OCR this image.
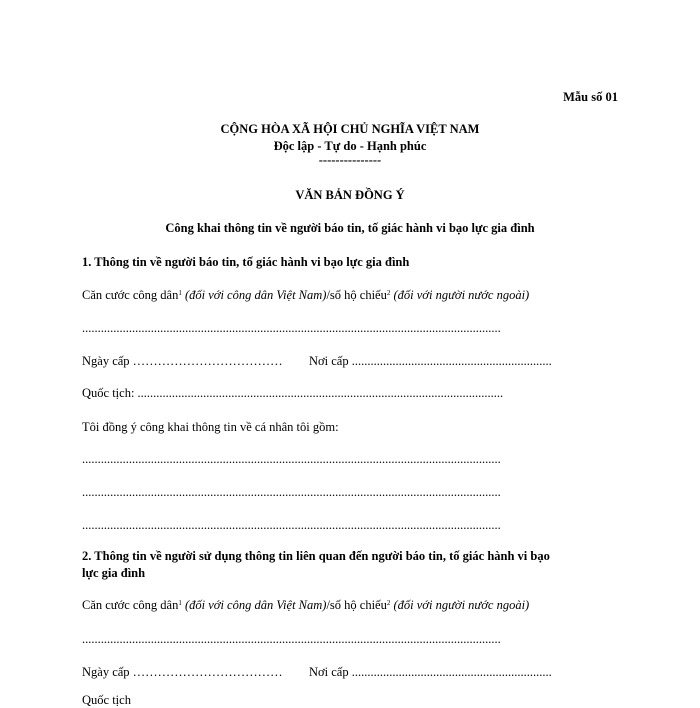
Mẫu số 01
CỘNG HÒA XÃ HỘI CHỦ NGHĨA VIỆT NAM
Độc lập - Tự do - Hạnh phúc
---------------
VĂN BẢN ĐỒNG Ý
Công khai thông tin về người báo tin, tố giác hành vi bạo lực gia đình
1. Thông tin về người báo tin, tố giác hành vi bạo lực gia đình
Căn cước công dân$^1$ (đối với công dân Việt Nam)/số hộ chiếu$^2$ (đối với người nước ngoài)
......................................................................................................................................
Ngày cấp ……………………………… Nơi cấp ................................................................
Quốc tịch: .....................................................................................................................
Tôi đồng ý công khai thông tin về cá nhân tôi gồm:
......................................................................................................................................
......................................................................................................................................
......................................................................................................................................
2. Thông tin về người sử dụng thông tin liên quan đến người báo tin, tố giác hành vi bạo
lực gia đình
Căn cước công dân$^1$ (đối với công dân Việt Nam)/số hộ chiếu$^2$ (đối với người nước ngoài)
......................................................................................................................................
Ngày cấp ……………………………… Nơi cấp ................................................................
Quốc tịch
